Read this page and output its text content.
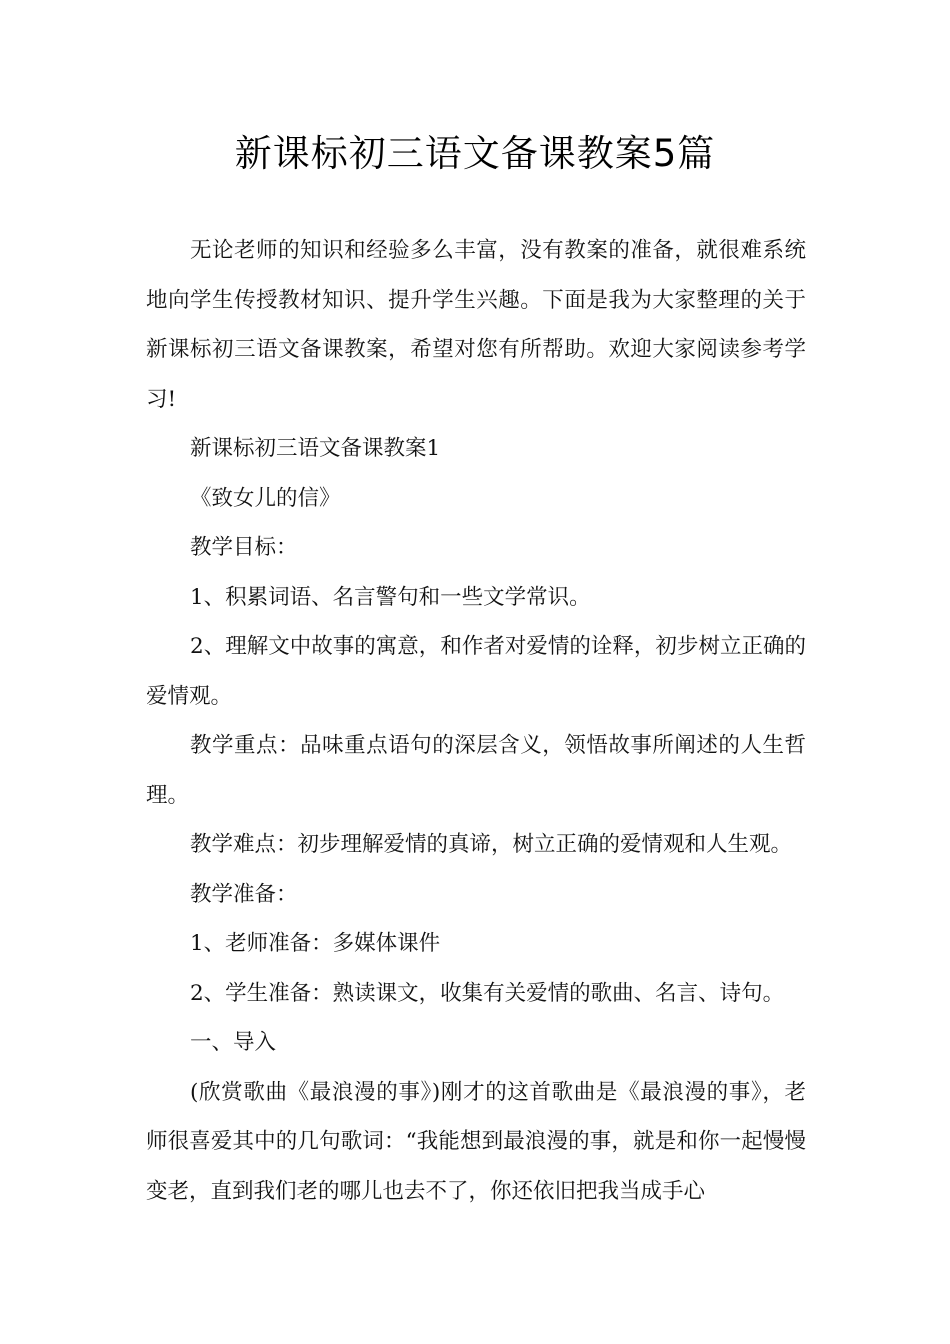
新课标初三语文备课教案5篇

无论老师的知识和经验多么丰富，没有教案的准备，就很难系统地向学生传授教材知识、提升学生兴趣。下面是我为大家整理的关于新课标初三语文备课教案，希望对您有所帮助。欢迎大家阅读参考学习!

新课标初三语文备课教案1

《致女儿的信》

教学目标：

1、积累词语、名言警句和一些文学常识。

2、理解文中故事的寓意，和作者对爱情的诠释，初步树立正确的爱情观。

教学重点：品味重点语句的深层含义，领悟故事所阐述的人生哲理。

教学难点：初步理解爱情的真谛，树立正确的爱情观和人生观。

教学准备：

1、老师准备：多媒体课件

2、学生准备：熟读课文，收集有关爱情的歌曲、名言、诗句。

一、导入

(欣赏歌曲《最浪漫的事》)刚才的这首歌曲是《最浪漫的事》，老师很喜爱其中的几句歌词：“我能想到最浪漫的事，就是和你一起慢慢变老，直到我们老的哪儿也去不了，你还依旧把我当成手心
